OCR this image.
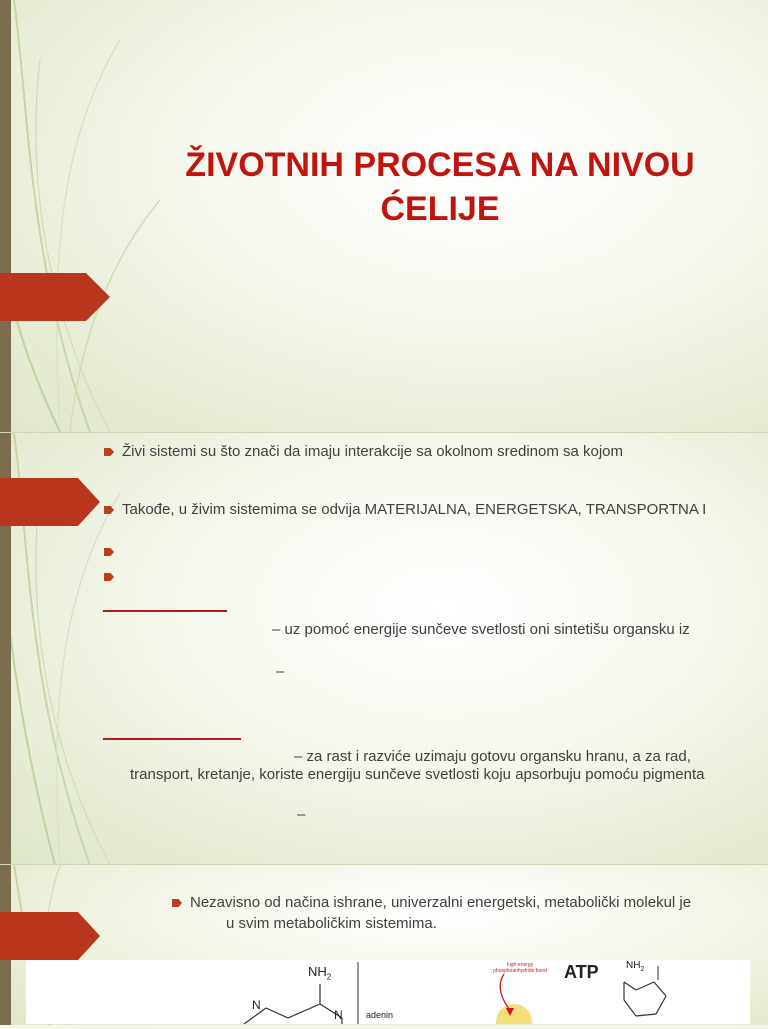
ŽIVOTNIH PROCESA NA NIVOU
ĆELIJE
Živi sistemi su što znači da imaju interakcije sa okolnom sredinom sa kojom
Takođe, u živim sistemima se odvija MATERIJALNA, ENERGETSKA, TRANSPORTNA I
– uz pomoć energije sunčeve svetlosti oni sintetišu organsku iz
–
– za rast i razviće uzimaju gotovu organsku hranu, a za rad,
transport, kretanje, koriste energiju sunčeve svetlosti koju apsorbuju pomoću pigmenta
–
Nezavisno od načina ishrane, univerzalni energetski, metabolički molekul je
u svim metaboličkim sistemima.
$NH_2$
N
N	adenin
high-energy phosphoanhydride bond ATP	$NH_2$
